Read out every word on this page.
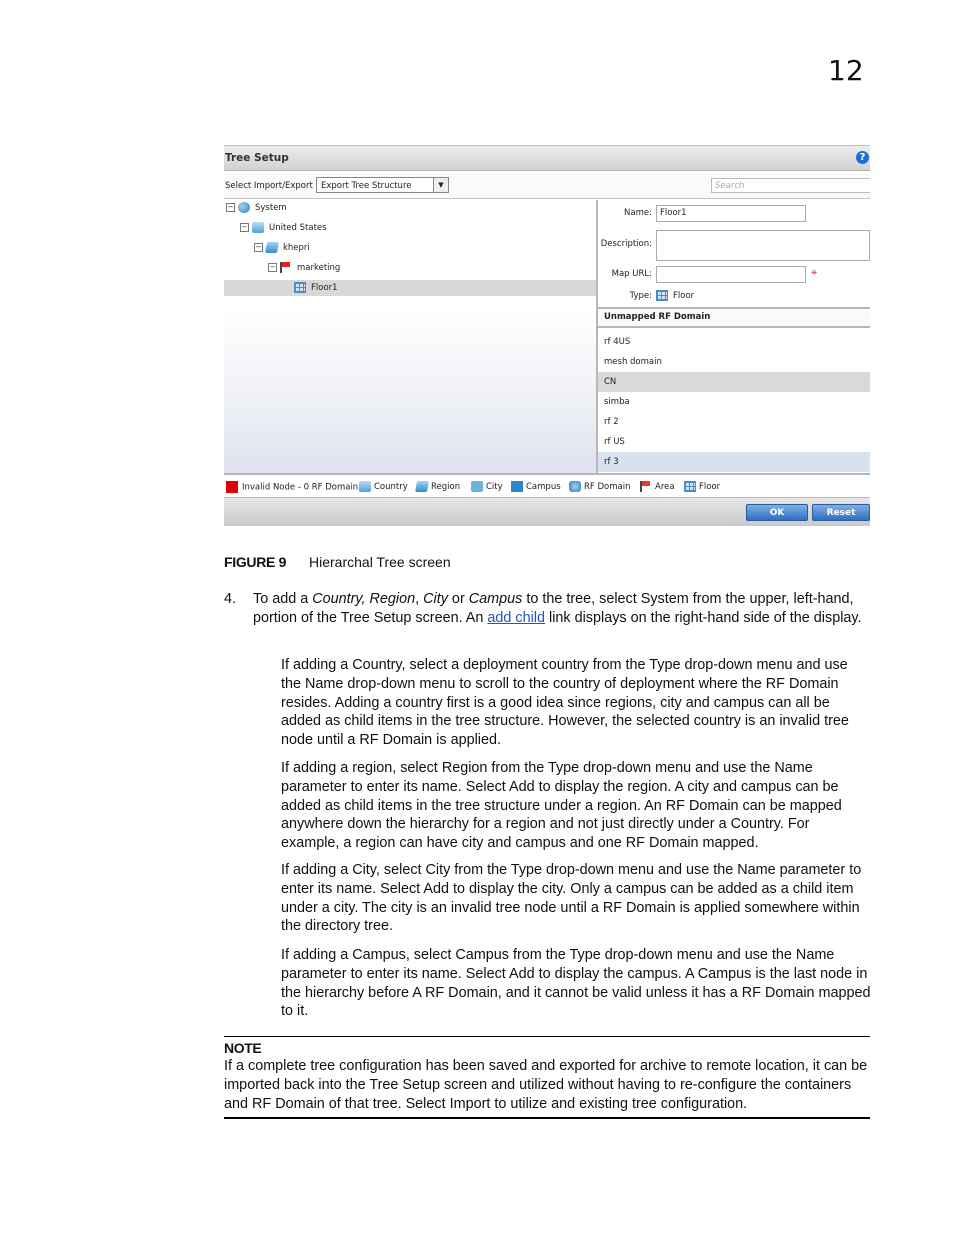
12
Tree Setup	?
Select Import/Export Export Tree Structure	▼	Search
−	System
−	United States
−	khepri
−	marketing
Floor1
Name: Floor1
Description:
Map URL:	⌖
Type:	Floor
Unmapped RF Domain
rf 4US
mesh domain
CN
simba
rf 2
rf US
rf 3
Invalid Node - 0 RF Domain	Country	Region	City	Campus	RF Domain	Area	Floor
OK	Reset
FIGURE 9 Hierarchal Tree screen
4. To add a Country, Region, City or Campus to the tree, select System from the upper, left-hand, portion of the Tree Setup screen. An add child link displays on the right-hand side of the display.
If adding a Country, select a deployment country from the Type drop-down menu and use the Name drop-down menu to scroll to the country of deployment where the RF Domain resides. Adding a country first is a good idea since regions, city and campus can all be added as child items in the tree structure. However, the selected country is an invalid tree node until a RF Domain is applied.
If adding a region, select Region from the Type drop-down menu and use the Name parameter to enter its name. Select Add to display the region. A city and campus can be added as child items in the tree structure under a region. An RF Domain can be mapped anywhere down the hierarchy for a region and not just directly under a Country. For example, a region can have city and campus and one RF Domain mapped.
If adding a City, select City from the Type drop-down menu and use the Name parameter to enter its name. Select Add to display the city. Only a campus can be added as a child item under a city. The city is an invalid tree node until a RF Domain is applied somewhere within the directory tree.
If adding a Campus, select Campus from the Type drop-down menu and use the Name parameter to enter its name. Select Add to display the campus. A Campus is the last node in the hierarchy before A RF Domain, and it cannot be valid unless it has a RF Domain mapped to it.
NOTE
If a complete tree configuration has been saved and exported for archive to remote location, it can be imported back into the Tree Setup screen and utilized without having to re-configure the containers and RF Domain of that tree. Select Import to utilize and existing tree configuration.
